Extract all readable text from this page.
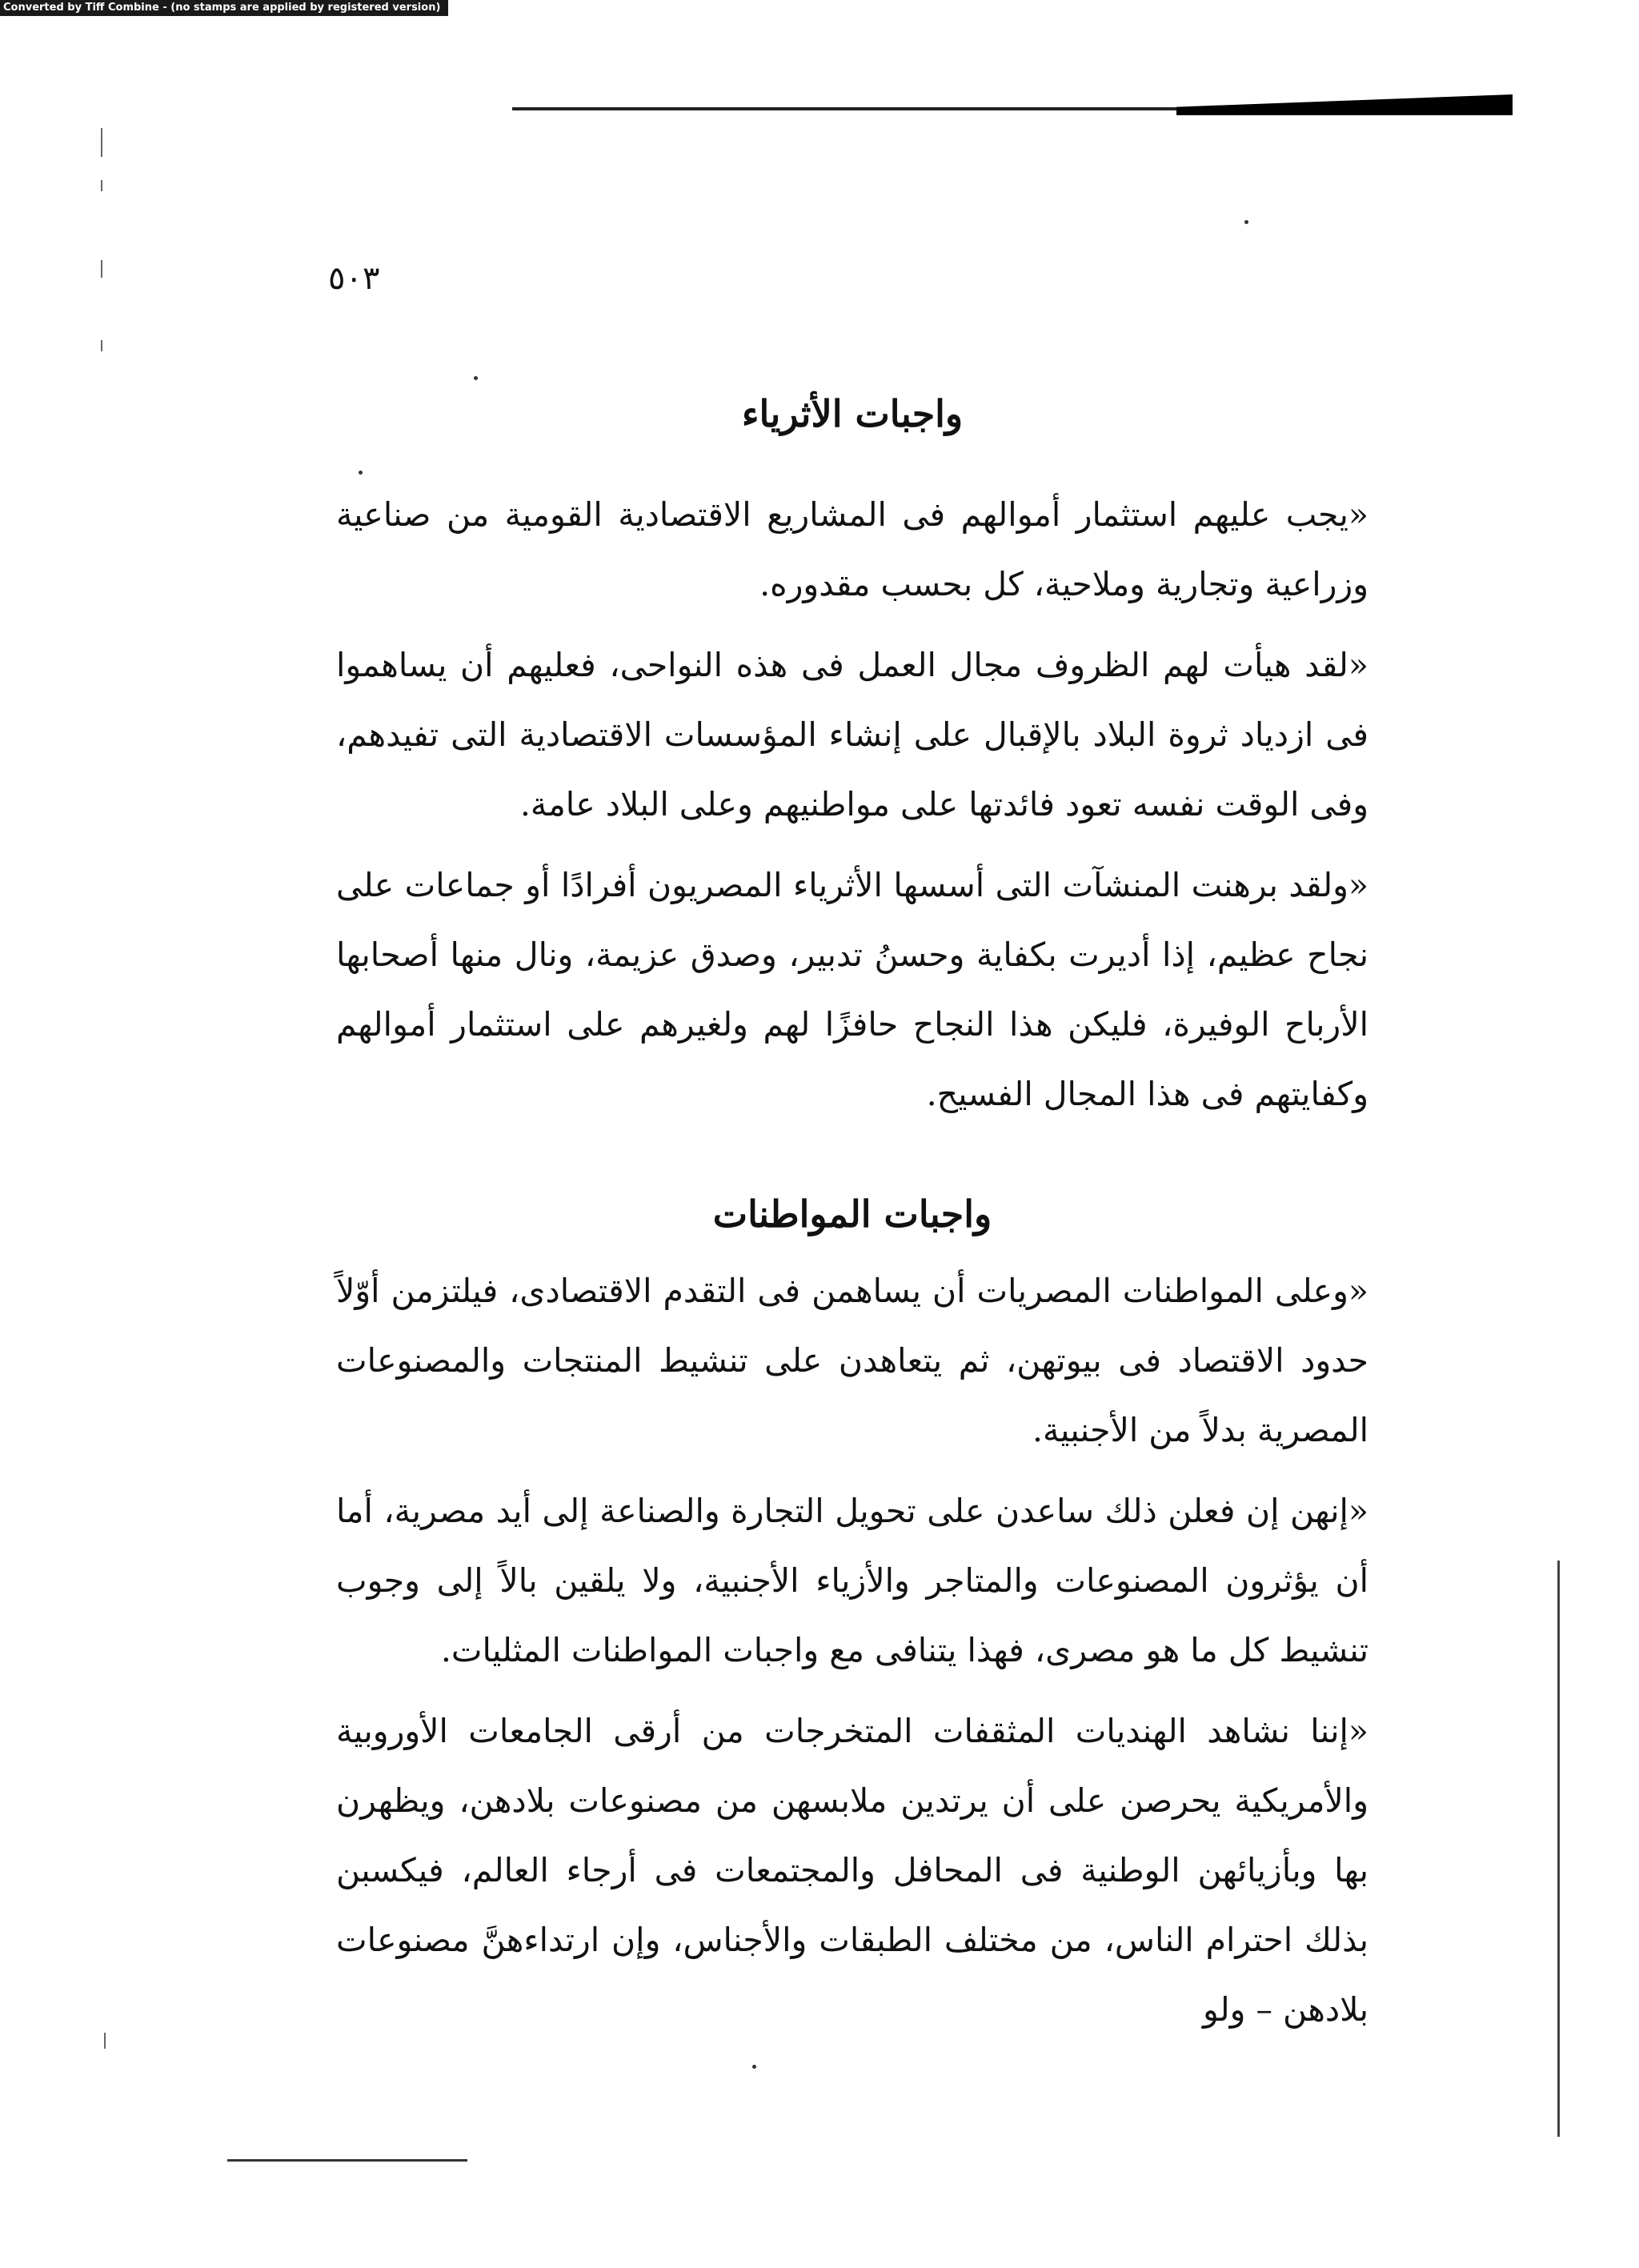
Converted by Tiff Combine - (no stamps are applied by registered version)
٥٠٣
واجبات الأثرياء

«يجب عليهم استثمار أموالهم فى المشاريع الاقتصادية القومية من صناعية وزراعية وتجارية وملاحية، كل بحسب مقدوره.

«لقد هيأت لهم الظروف مجال العمل فى هذه النواحى، فعليهم أن يساهموا فى ازدياد ثروة البلاد بالإقبال على إنشاء المؤسسات الاقتصادية التى تفيدهم، وفى الوقت نفسه تعود فائدتها على مواطنيهم وعلى البلاد عامة.

«ولقد برهنت المنشآت التى أسسها الأثرياء المصريون أفرادًا أو جماعات على نجاح عظيم، إذا أديرت بكفاية وحسنُ تدبير، وصدق عزيمة، ونال منها أصحابها الأرباح الوفيرة، فليكن هذا النجاح حافزًا لهم ولغيرهم على استثمار أموالهم وكفايتهم فى هذا المجال الفسيح.

واجبات المواطنات

«وعلى المواطنات المصريات أن يساهمن فى التقدم الاقتصادى، فيلتزمن أوّلاً حدود الاقتصاد فى بيوتهن، ثم يتعاهدن على تنشيط المنتجات والمصنوعات المصرية بدلاً من الأجنبية.

«إنهن إن فعلن ذلك ساعدن على تحويل التجارة والصناعة إلى أيد مصرية، أما أن يؤثرون المصنوعات والمتاجر والأزياء الأجنبية، ولا يلقين بالاً إلى وجوب تنشيط كل ما هو مصرى، فهذا يتنافى مع واجبات المواطنات المثليات.

«إننا نشاهد الهنديات المثقفات المتخرجات من أرقى الجامعات الأوروبية والأمريكية يحرصن على أن يرتدين ملابسهن من مصنوعات بلادهن، ويظهرن بها وبأزيائهن الوطنية فى المحافل والمجتمعات فى أرجاء العالم، فيكسبن بذلك احترام الناس، من مختلف الطبقات والأجناس، وإن ارتداءهنَّ مصنوعات بلادهن – ولو
